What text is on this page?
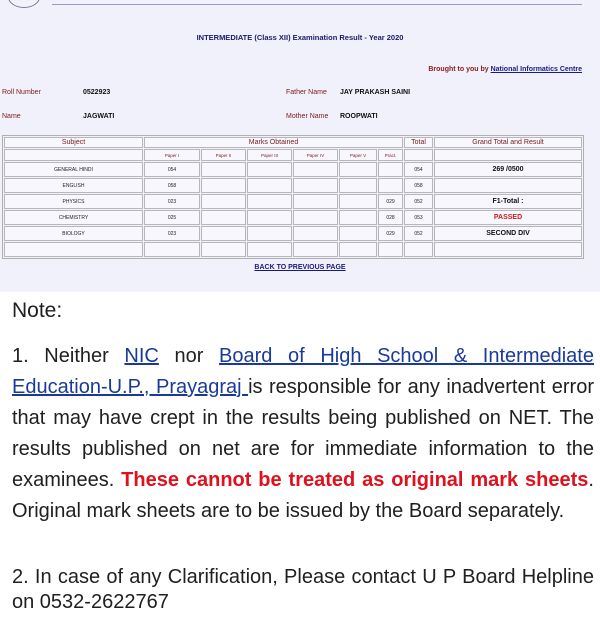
INTERMEDIATE (Class XII) Examination Result - Year 2020
Brought to you by National Informatics Centre
Roll Number	0522923	Father Name JAY PRAKASH SAINI
Name	JAGWATI	Mother Name ROOPWATI
Subject	Marks Obtained						Total	Grand Total and Result
	Paper I	Paper II	Paper III	Paper IV	Paper V	Pract.		
GENERAL HINDI	054						054	269 /0500
ENGLISH	058						058	
PHYSICS	023					029	052	F1-Total :
CHEMISTRY	025					028	053	PASSED
BIOLOGY	023					029	052	SECOND DIV

BACK TO PREVIOUS PAGE
Note:

1. Neither NIC nor Board of High School & Intermediate Education-U.P., Prayagraj is responsible for any inadvertent error that may have crept in the results being published on NET. The results published on net are for immediate information to the examinees. These cannot be treated as original mark sheets. Original mark sheets are to be issued by the Board separately.

2. In case of any Clarification, Please contact U P Board Helpline on 0532-2622767
